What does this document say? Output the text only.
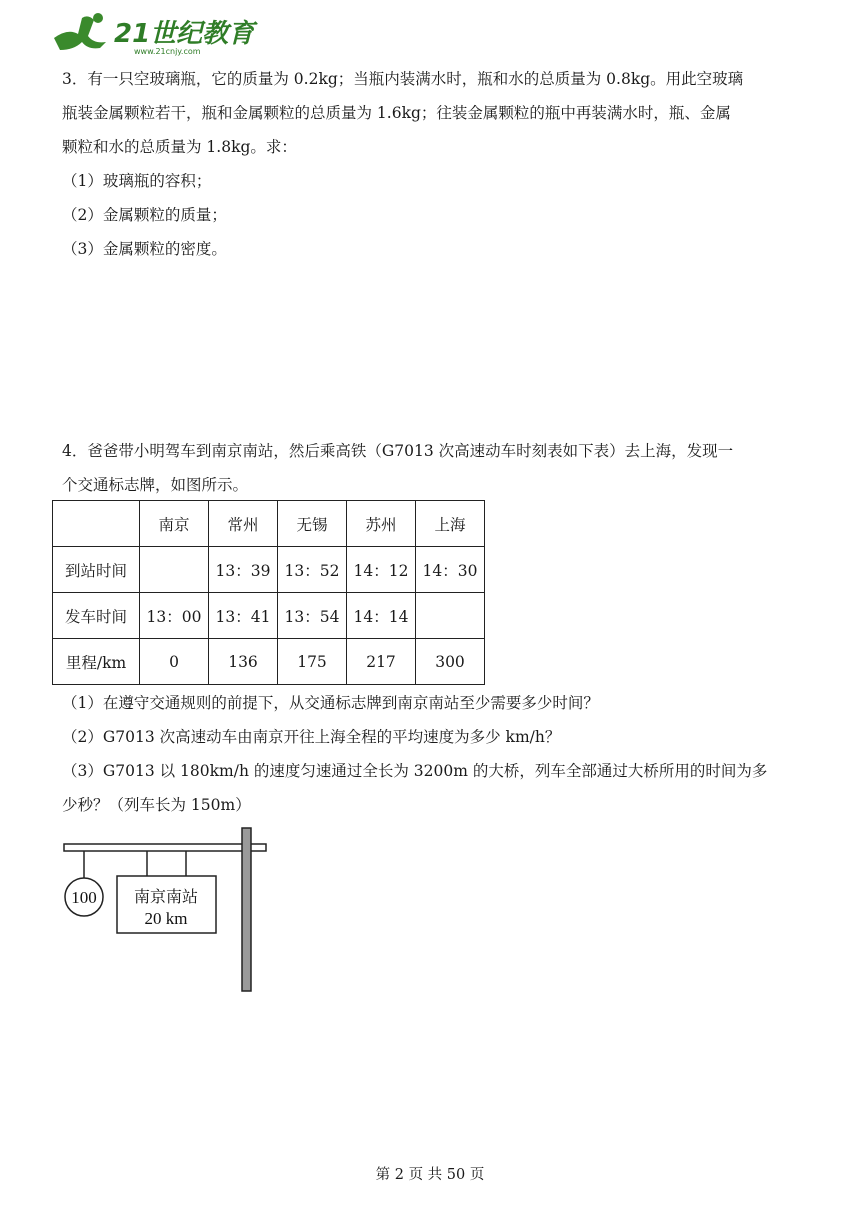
21世纪教育
www.21cnjy.com

3．有一只空玻璃瓶，它的质量为 0.2kg；当瓶内装满水时，瓶和水的总质量为 0.8kg。用此空玻璃

瓶装金属颗粒若干，瓶和金属颗粒的总质量为 1.6kg；往装金属颗粒的瓶中再装满水时，瓶、金属

颗粒和水的总质量为 1.8kg。求：

（1）玻璃瓶的容积；

（2）金属颗粒的质量；

（3）金属颗粒的密度。

4．爸爸带小明驾车到南京南站，然后乘高铁（G7013 次高速动车时刻表如下表）去上海，发现一

个交通标志牌，如图所示。

	南京	常州	无锡	苏州	上海
到站时间		13：39	13：52	14：12	14：30
发车时间	13：00	13：41	13：54	14：14	
里程/km	0	136	175	217	300

（1）在遵守交通规则的前提下，从交通标志牌到南京南站至少需要多少时间？

（2）G7013 次高速动车由南京开往上海全程的平均速度为多少 km/h？

（3）G7013 以 180km/h 的速度匀速通过全长为 3200m 的大桥，列车全部通过大桥所用的时间为多

少秒？（列车长为 150m）

100 南京南站
20 km
第 2 页 共 50 页
